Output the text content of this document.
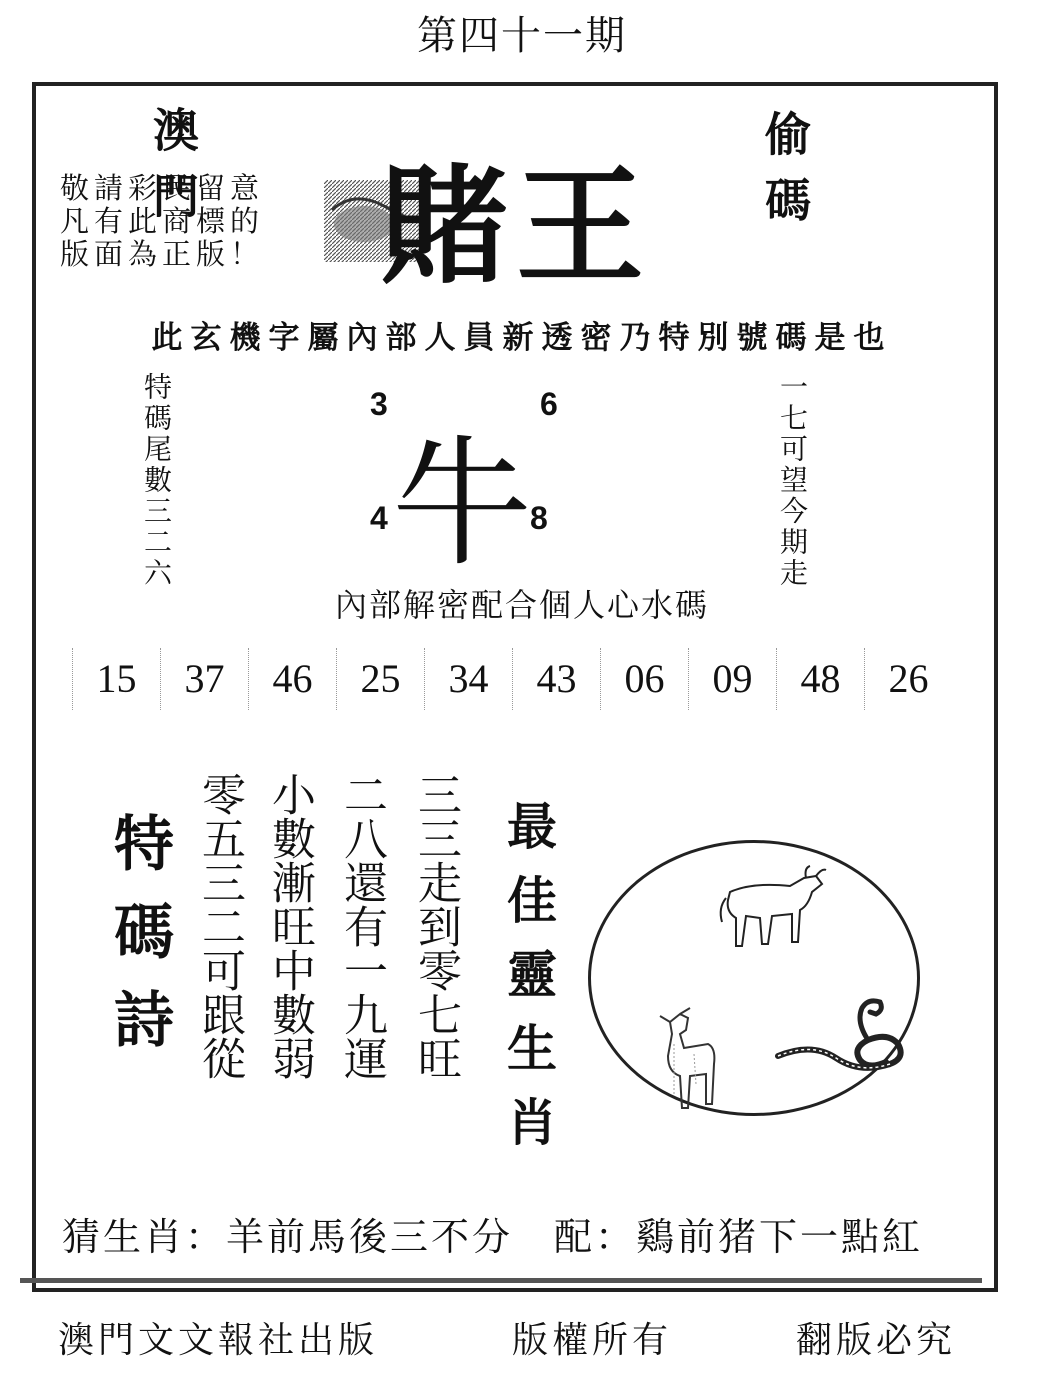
第四十一期
澳門	偷碼
敬請彩民留意
凡有此商標的
版面為正版！ 賭王
此玄機字屬內部人員新透密乃特別號碼是也
特碼尾數三二六	一七可望今期走
3	6
4	8
牛
內部解密配合個人心水碼
15	37	46	25	34	43	06	09	48	26
特碼詩 零五三二可跟從 小數漸旺中數弱 二八還有一九運 三三走到零七旺 最佳靈生肖
猜生肖：羊前馬後三不分　配：鷄前猪下一點紅
澳門文文報社出版	版權所有	翻版必究
